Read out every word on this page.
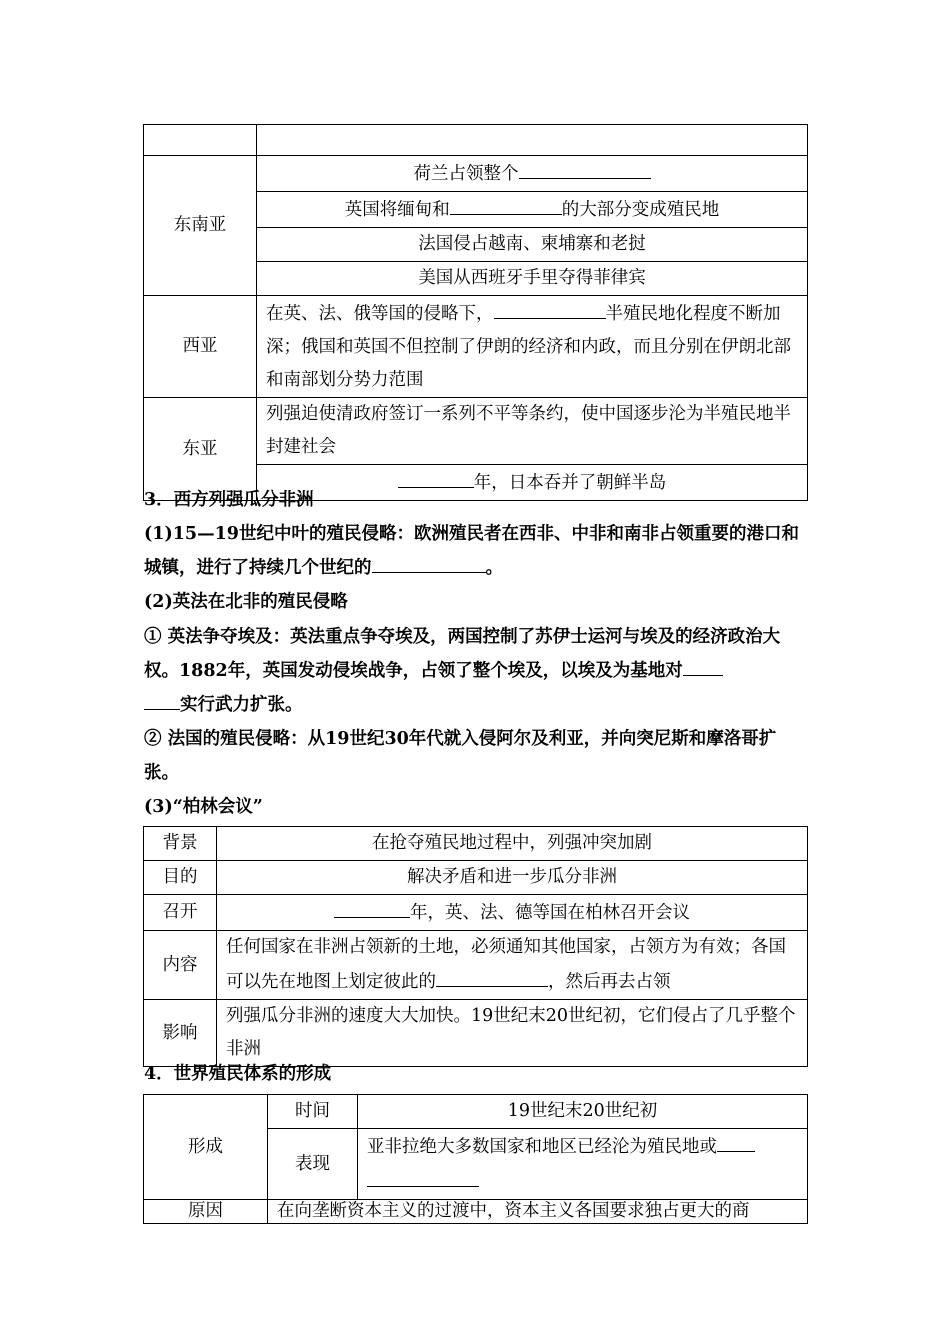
东南亚	荷兰占领整个
	英国将缅甸和 的大部分变成殖民地
	法国侵占越南、柬埔寨和老挝
	美国从西班牙手里夺得菲律宾
西亚	在英、法、俄等国的侵略下， 半殖民地化程度不断加深；俄国和英国不但控制了伊朗的经济和内政，而且分别在伊朗北部和南部划分势力范围
东亚	列强迫使清政府签订一系列不平等条约，使中国逐步沦为半殖民地半封建社会
	年，日本吞并了朝鲜半岛
3．西方列强瓜分非洲
(1)15—19世纪中叶的殖民侵略：欧洲殖民者在西非、中非和南非占领重要的港口和城镇，进行了持续几个世纪的	。
(2)英法在北非的殖民侵略
① 英法争夺埃及：英法重点争夺埃及，两国控制了苏伊士运河与埃及的经济政治大权。1882年，英国发动侵埃战争，占领了整个埃及，以埃及为基地对
实行武力扩张。
② 法国的殖民侵略：从19世纪30年代就入侵阿尔及利亚，并向突尼斯和摩洛哥扩张。
(3)“柏林会议”
背景	在抢夺殖民地过程中，列强冲突加剧
目的	解决矛盾和进一步瓜分非洲
召开	年，英、法、德等国在柏林召开会议
内容	任何国家在非洲占领新的土地，必须通知其他国家，占领方为有效；各国可以先在地图上划定彼此的 ，然后再去占领
影响	列强瓜分非洲的速度大大加快。19世纪末20世纪初，它们侵占了几乎整个非洲
4．世界殖民体系的形成
形成	时间	19世纪末20世纪初
	表现	亚非拉绝大多数国家和地区已经沦为殖民地或

原因	在向垄断资本主义的过渡中，资本主义各国要求独占更大的商	
